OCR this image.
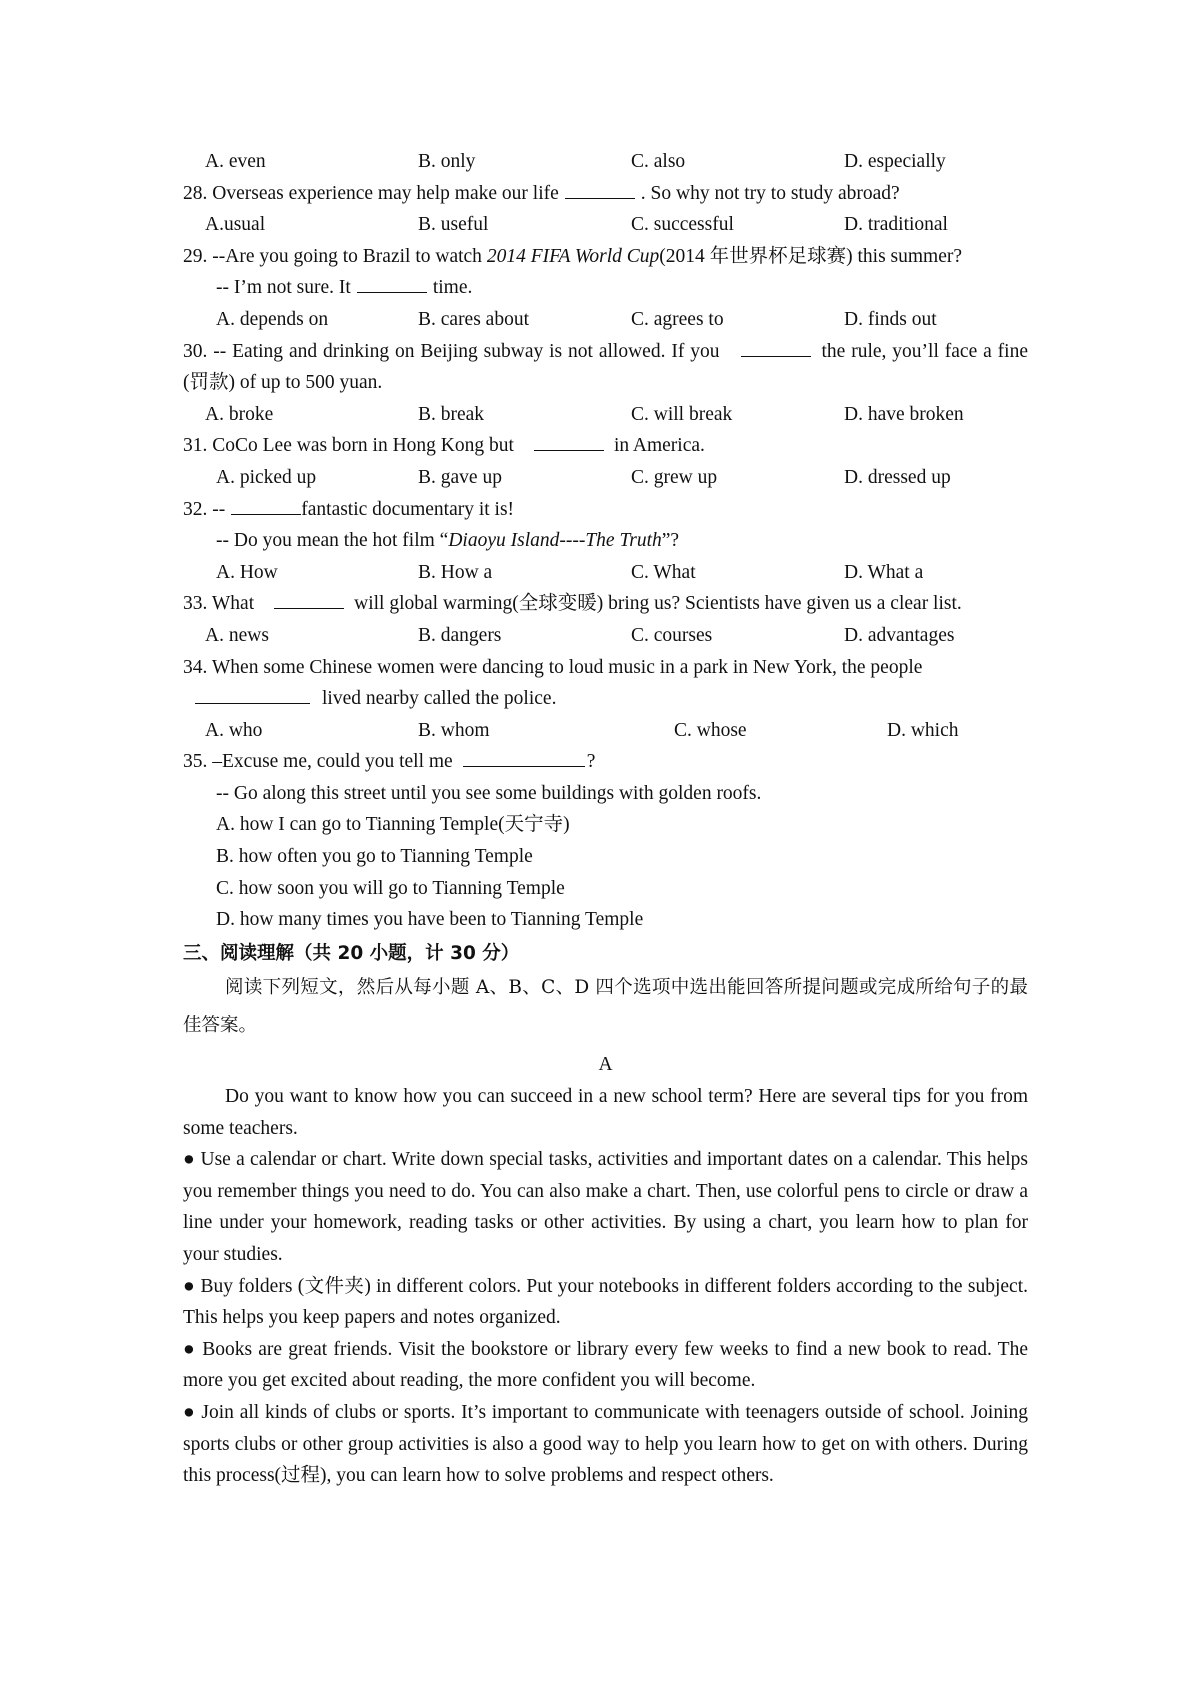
A. even	B. only	C. also	D. especially
28. Overseas experience may help make our life	. So why not try to study abroad?
A.usual	B. useful	C. successful	D. traditional
29. --Are you going to Brazil to watch 2014 FIFA World Cup(2014 年世界杯足球赛) this summer?
-- I’m not sure. It	time.
A. depends on	B. cares about	C. agrees to	D. finds out
30. -- Eating and drinking on Beijing subway is not allowed. If you	the rule, you’ll face a fine (罚款) of up to 500 yuan.
A. broke	B. break	C. will break	D. have broken
31. CoCo Lee was born in Hong Kong but	in America.
A. picked up	B. gave up	C. grew up	D. dressed up
32. --	fantastic documentary it is!
-- Do you mean the hot film “Diaoyu Island----The Truth”?
A. How	B. How a	C. What	D. What a
33. What	will global warming(全球变暖) bring us? Scientists have given us a clear list.
A. news	B. dangers	C. courses	D. advantages
34. When some Chinese women were dancing to loud music in a park in New York, the people
lived nearby called the police.
A. who	B. whom	C. whose	D. which
35. –Excuse me, could you tell me	?
-- Go along this street until you see some buildings with golden roofs.
A. how I can go to Tianning Temple(天宁寺)
B. how often you go to Tianning Temple
C. how soon you will go to Tianning Temple
D. how many times you have been to Tianning Temple
三、阅读理解（共 20 小题，计 30 分）
阅读下列短文，然后从每小题 A、B、C、D 四个选项中选出能回答所提问题或完成所给句子的最佳答案。
A
Do you want to know how you can succeed in a new school term? Here are several tips for you from some teachers.
● Use a calendar or chart. Write down special tasks, activities and important dates on a calendar. This helps you remember things you need to do. You can also make a chart. Then, use colorful pens to circle or draw a line under your homework, reading tasks or other activities. By using a chart, you learn how to plan for your studies.
● Buy folders (文件夹) in different colors. Put your notebooks in different folders according to the subject. This helps you keep papers and notes organized.
● Books are great friends. Visit the bookstore or library every few weeks to find a new book to read. The more you get excited about reading, the more confident you will become.
● Join all kinds of clubs or sports. It’s important to communicate with teenagers outside of school. Joining sports clubs or other group activities is also a good way to help you learn how to get on with others. During this process(过程), you can learn how to solve problems and respect others.
